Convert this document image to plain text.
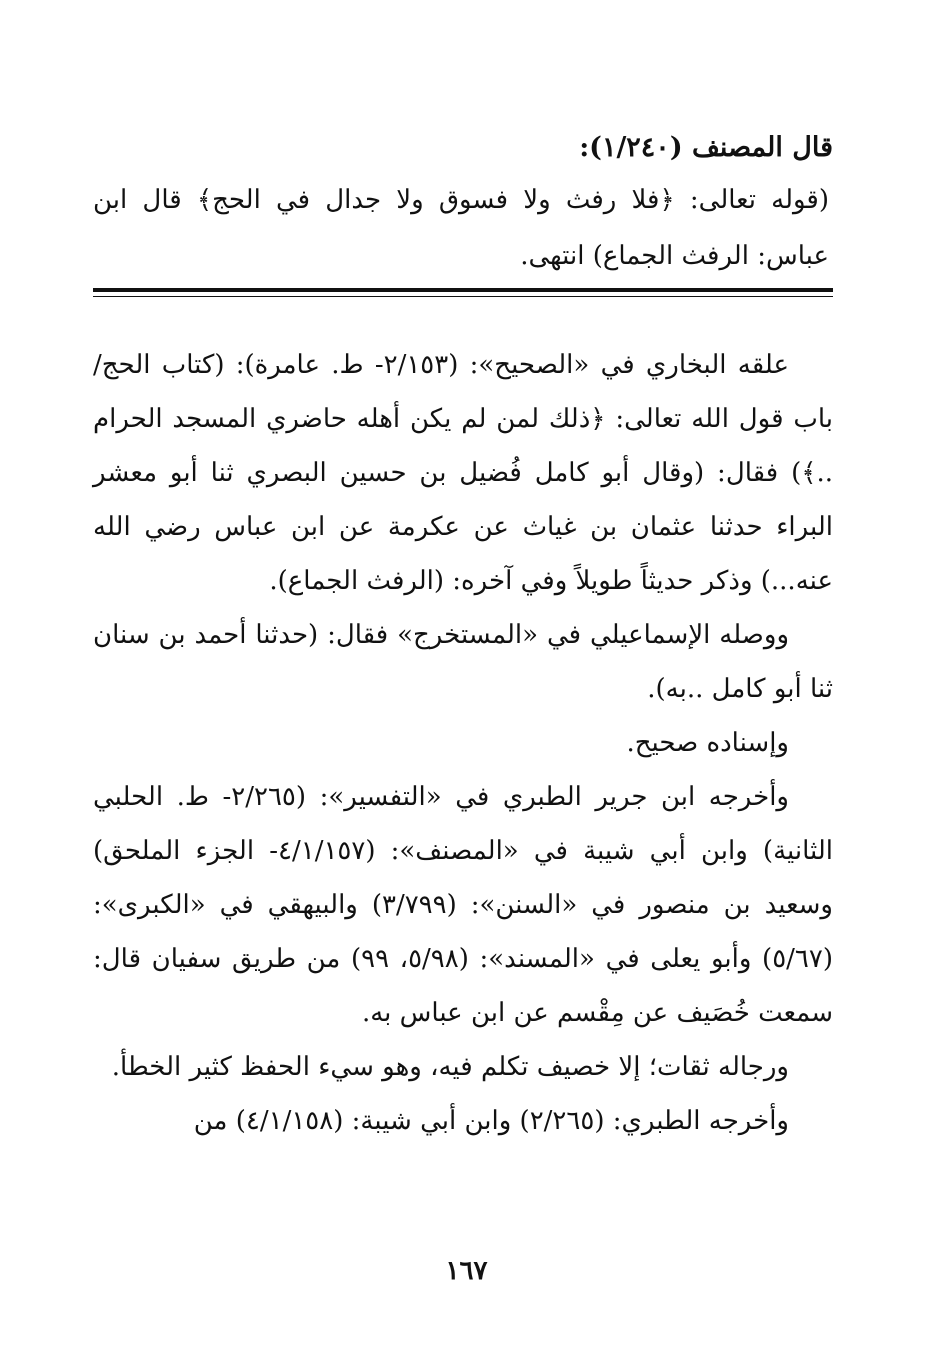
قال المصنف (١/٢٤٠):
(قوله تعالى: ﴿فلا رفث ولا فسوق ولا جدال في الحج﴾ قال ابن عباس: الرفث الجماع) انتهى.

علقه البخاري في «الصحيح»: (٢/١٥٣- ط. عامرة): (كتاب الحج/باب قول الله تعالى: ﴿ذلك لمن لم يكن أهله حاضري المسجد الحرام ..﴾) فقال: (وقال أبو كامل فُضيل بن حسين البصري ثنا أبو معشر البراء حدثنا عثمان بن غياث عن عكرمة عن ابن عباس رضي الله عنه...) وذكر حديثاً طويلاً وفي آخره: (الرفث الجماع).

ووصله الإسماعيلي في «المستخرج» فقال: (حدثنا أحمد بن سنان ثنا أبو كامل ..به).

وإسناده صحيح.

وأخرجه ابن جرير الطبري في «التفسير»: (٢/٢٦٥- ط. الحلبي الثانية) وابن أبي شيبة في «المصنف»: (٤/١/١٥٧- الجزء الملحق) وسعيد بن منصور في «السنن»: (٣/٧٩٩) والبيهقي في «الكبرى»: (٥/٦٧) وأبو يعلى في «المسند»: (٥/٩٨، ٩٩) من طريق سفيان قال: سمعت خُصَيف عن مِقْسم عن ابن عباس به.

ورجاله ثقات؛ إلا خصيف تكلم فيه، وهو سيء الحفظ كثير الخطأ.

وأخرجه الطبري: (٢/٢٦٥) وابن أبي شيبة: (٤/١/١٥٨) من

١٦٧
